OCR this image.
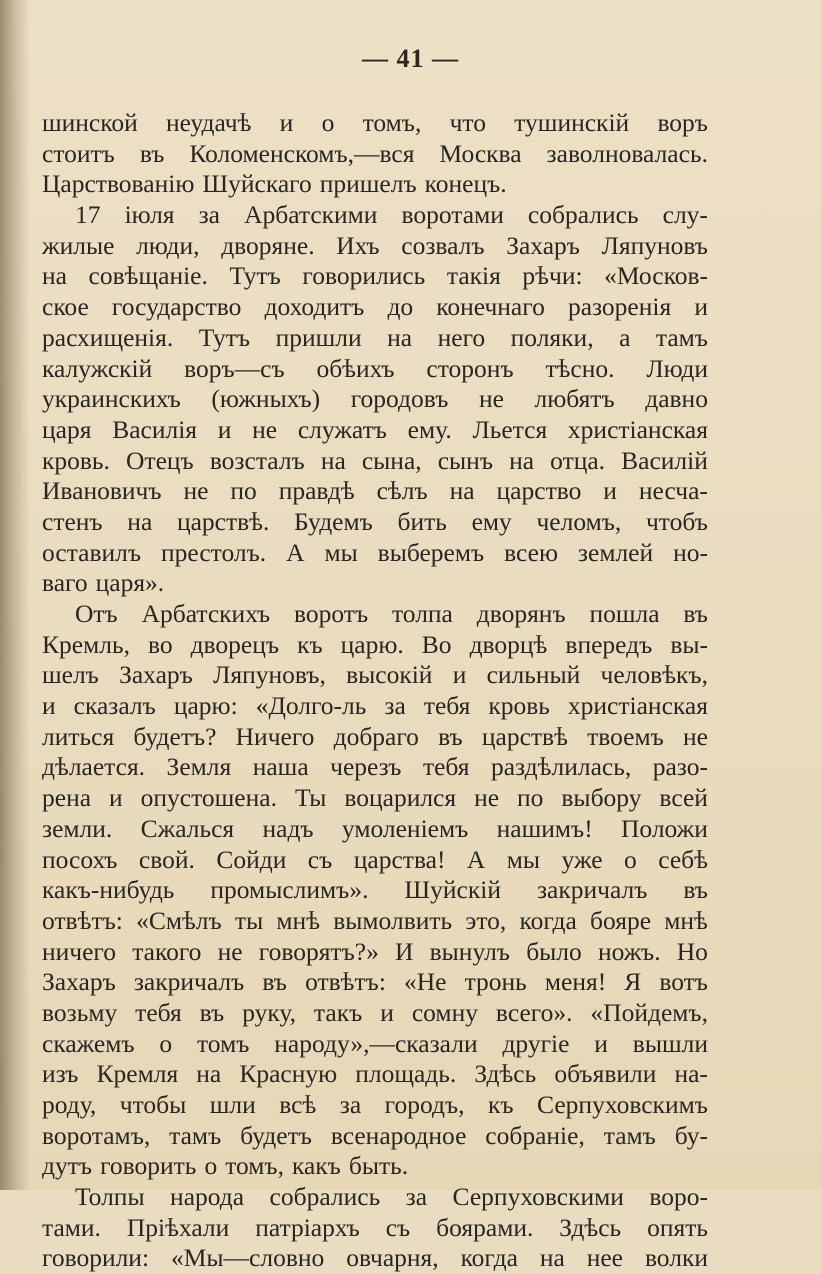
— 41 —
шинской неудачѣ и о томъ, что тушинскій воръ
стоитъ въ Коломенскомъ,—вся Москва заволновалась.
Царствованію Шуйскаго пришелъ конецъ.
17 іюля за Арбатскими воротами собрались слу-
жилые люди, дворяне. Ихъ созвалъ Захаръ Ляпуновъ
на совѣщаніе. Тутъ говорились такія рѣчи: «Москов-
ское государство доходитъ до конечнаго разоренія и
расхищенія. Тутъ пришли на него поляки, а тамъ
калужскій воръ—съ обѣихъ сторонъ тѣсно. Люди
украинскихъ (южныхъ) городовъ не любятъ давно
царя Василія и не служатъ ему. Льется христіанская
кровь. Отецъ возсталъ на сына, сынъ на отца. Василій
Ивановичъ не по правдѣ сѣлъ на царство и несча-
стенъ на царствѣ. Будемъ бить ему челомъ, чтобъ
оставилъ престолъ. А мы выберемъ всею землей но-
ваго царя».
Отъ Арбатскихъ воротъ толпа дворянъ пошла въ
Кремль, во дворецъ къ царю. Во дворцѣ впередъ вы-
шелъ Захаръ Ляпуновъ, высокій и сильный человѣкъ,
и сказалъ царю: «Долго-ль за тебя кровь христіанская
литься будетъ? Ничего добраго въ царствѣ твоемъ не
дѣлается. Земля наша черезъ тебя раздѣлилась, разо-
рена и опустошена. Ты воцарился не по выбору всей
земли. Сжалься надъ умоленіемъ нашимъ! Положи
посохъ свой. Сойди съ царства! А мы уже о себѣ
какъ-нибудь промыслимъ». Шуйскій закричалъ въ
отвѣтъ: «Смѣлъ ты мнѣ вымолвить это, когда бояре мнѣ
ничего такого не говорятъ?» И вынулъ было ножъ. Но
Захаръ закричалъ въ отвѣтъ: «Не тронь меня! Я вотъ
возьму тебя въ руку, такъ и сомну всего». «Пойдемъ,
скажемъ о томъ народу»,—сказали другіе и вышли
изъ Кремля на Красную площадь. Здѣсь объявили на-
роду, чтобы шли всѣ за городъ, къ Серпуховскимъ
воротамъ, тамъ будетъ всенародное собраніе, тамъ бу-
дутъ говорить о томъ, какъ быть.
Толпы народа собрались за Серпуховскими воро-
тами. Пріѣхали патріархъ съ боярами. Здѣсь опять
говорили: «Мы—словно овчарня, когда на нее волки
